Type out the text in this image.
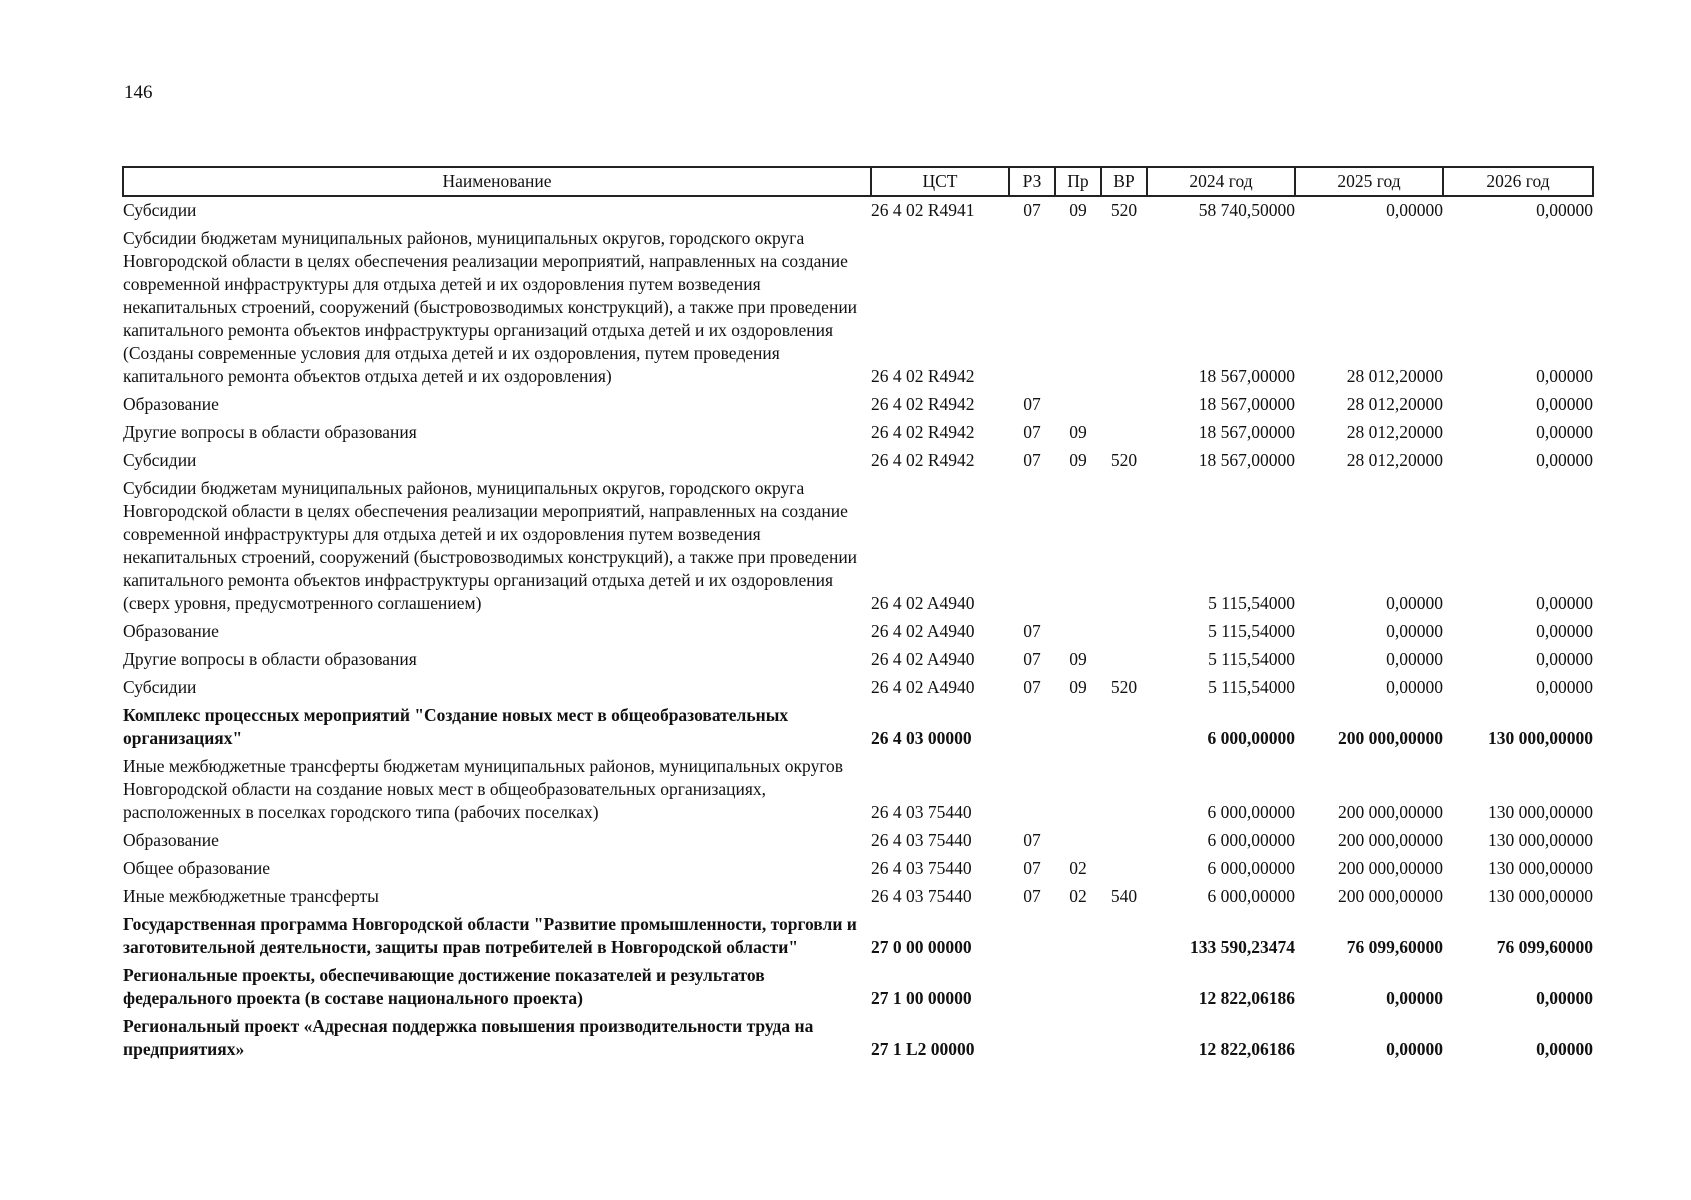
146
Наименование	ЦСТ	РЗ	Пр	ВР	2024 год	2025 год	2026 год
Субсидии	26 4 02 R4941	07	09	520	58 740,50000	0,00000	0,00000
Субсидии бюджетам муниципальных районов, муниципальных округов, городского округа Новгородской области в целях обеспечения реализации мероприятий, направленных на создание современной инфраструктуры для отдыха детей и их оздоровления путем возведения некапитальных строений, сооружений (быстровозводимых конструкций), а также при проведении капитального ремонта объектов инфраструктуры организаций отдыха детей и их оздоровления (Созданы современные условия для отдыха детей и их оздоровления, путем проведения капитального ремонта объектов отдыха детей и их оздоровления)	26 4 02 R4942				18 567,00000	28 012,20000	0,00000
Образование	26 4 02 R4942	07			18 567,00000	28 012,20000	0,00000
Другие вопросы в области образования	26 4 02 R4942	07	09		18 567,00000	28 012,20000	0,00000
Субсидии	26 4 02 R4942	07	09	520	18 567,00000	28 012,20000	0,00000
Субсидии бюджетам муниципальных районов, муниципальных округов, городского округа Новгородской области в целях обеспечения реализации мероприятий, направленных на создание современной инфраструктуры для отдыха детей и их оздоровления путем возведения некапитальных строений, сооружений (быстровозводимых конструкций), а также при проведении капитального ремонта объектов инфраструктуры организаций отдыха детей и их оздоровления (сверх уровня, предусмотренного соглашением)	26 4 02 A4940				5 115,54000	0,00000	0,00000
Образование	26 4 02 A4940	07			5 115,54000	0,00000	0,00000
Другие вопросы в области образования	26 4 02 A4940	07	09		5 115,54000	0,00000	0,00000
Субсидии	26 4 02 A4940	07	09	520	5 115,54000	0,00000	0,00000
Комплекс процессных мероприятий "Создание новых мест в общеобразовательных организациях"	26 4 03 00000				6 000,00000	200 000,00000	130 000,00000
Иные межбюджетные трансферты бюджетам муниципальных районов, муниципальных округов Новгородской области на создание новых мест в общеобразовательных организациях, расположенных в поселках городского типа (рабочих поселках)	26 4 03 75440				6 000,00000	200 000,00000	130 000,00000
Образование	26 4 03 75440	07			6 000,00000	200 000,00000	130 000,00000
Общее образование	26 4 03 75440	07	02		6 000,00000	200 000,00000	130 000,00000
Иные межбюджетные трансферты	26 4 03 75440	07	02	540	6 000,00000	200 000,00000	130 000,00000
Государственная программа Новгородской области "Развитие промышленности, торговли и заготовительной деятельности, защиты прав потребителей в Новгородской области"	27 0 00 00000				133 590,23474	76 099,60000	76 099,60000
Региональные проекты, обеспечивающие достижение показателей и результатов федерального проекта (в составе национального проекта)	27 1 00 00000				12 822,06186	0,00000	0,00000
Региональный проект «Адресная поддержка повышения производительности труда на предприятиях»	27 1 L2 00000				12 822,06186	0,00000	0,00000
